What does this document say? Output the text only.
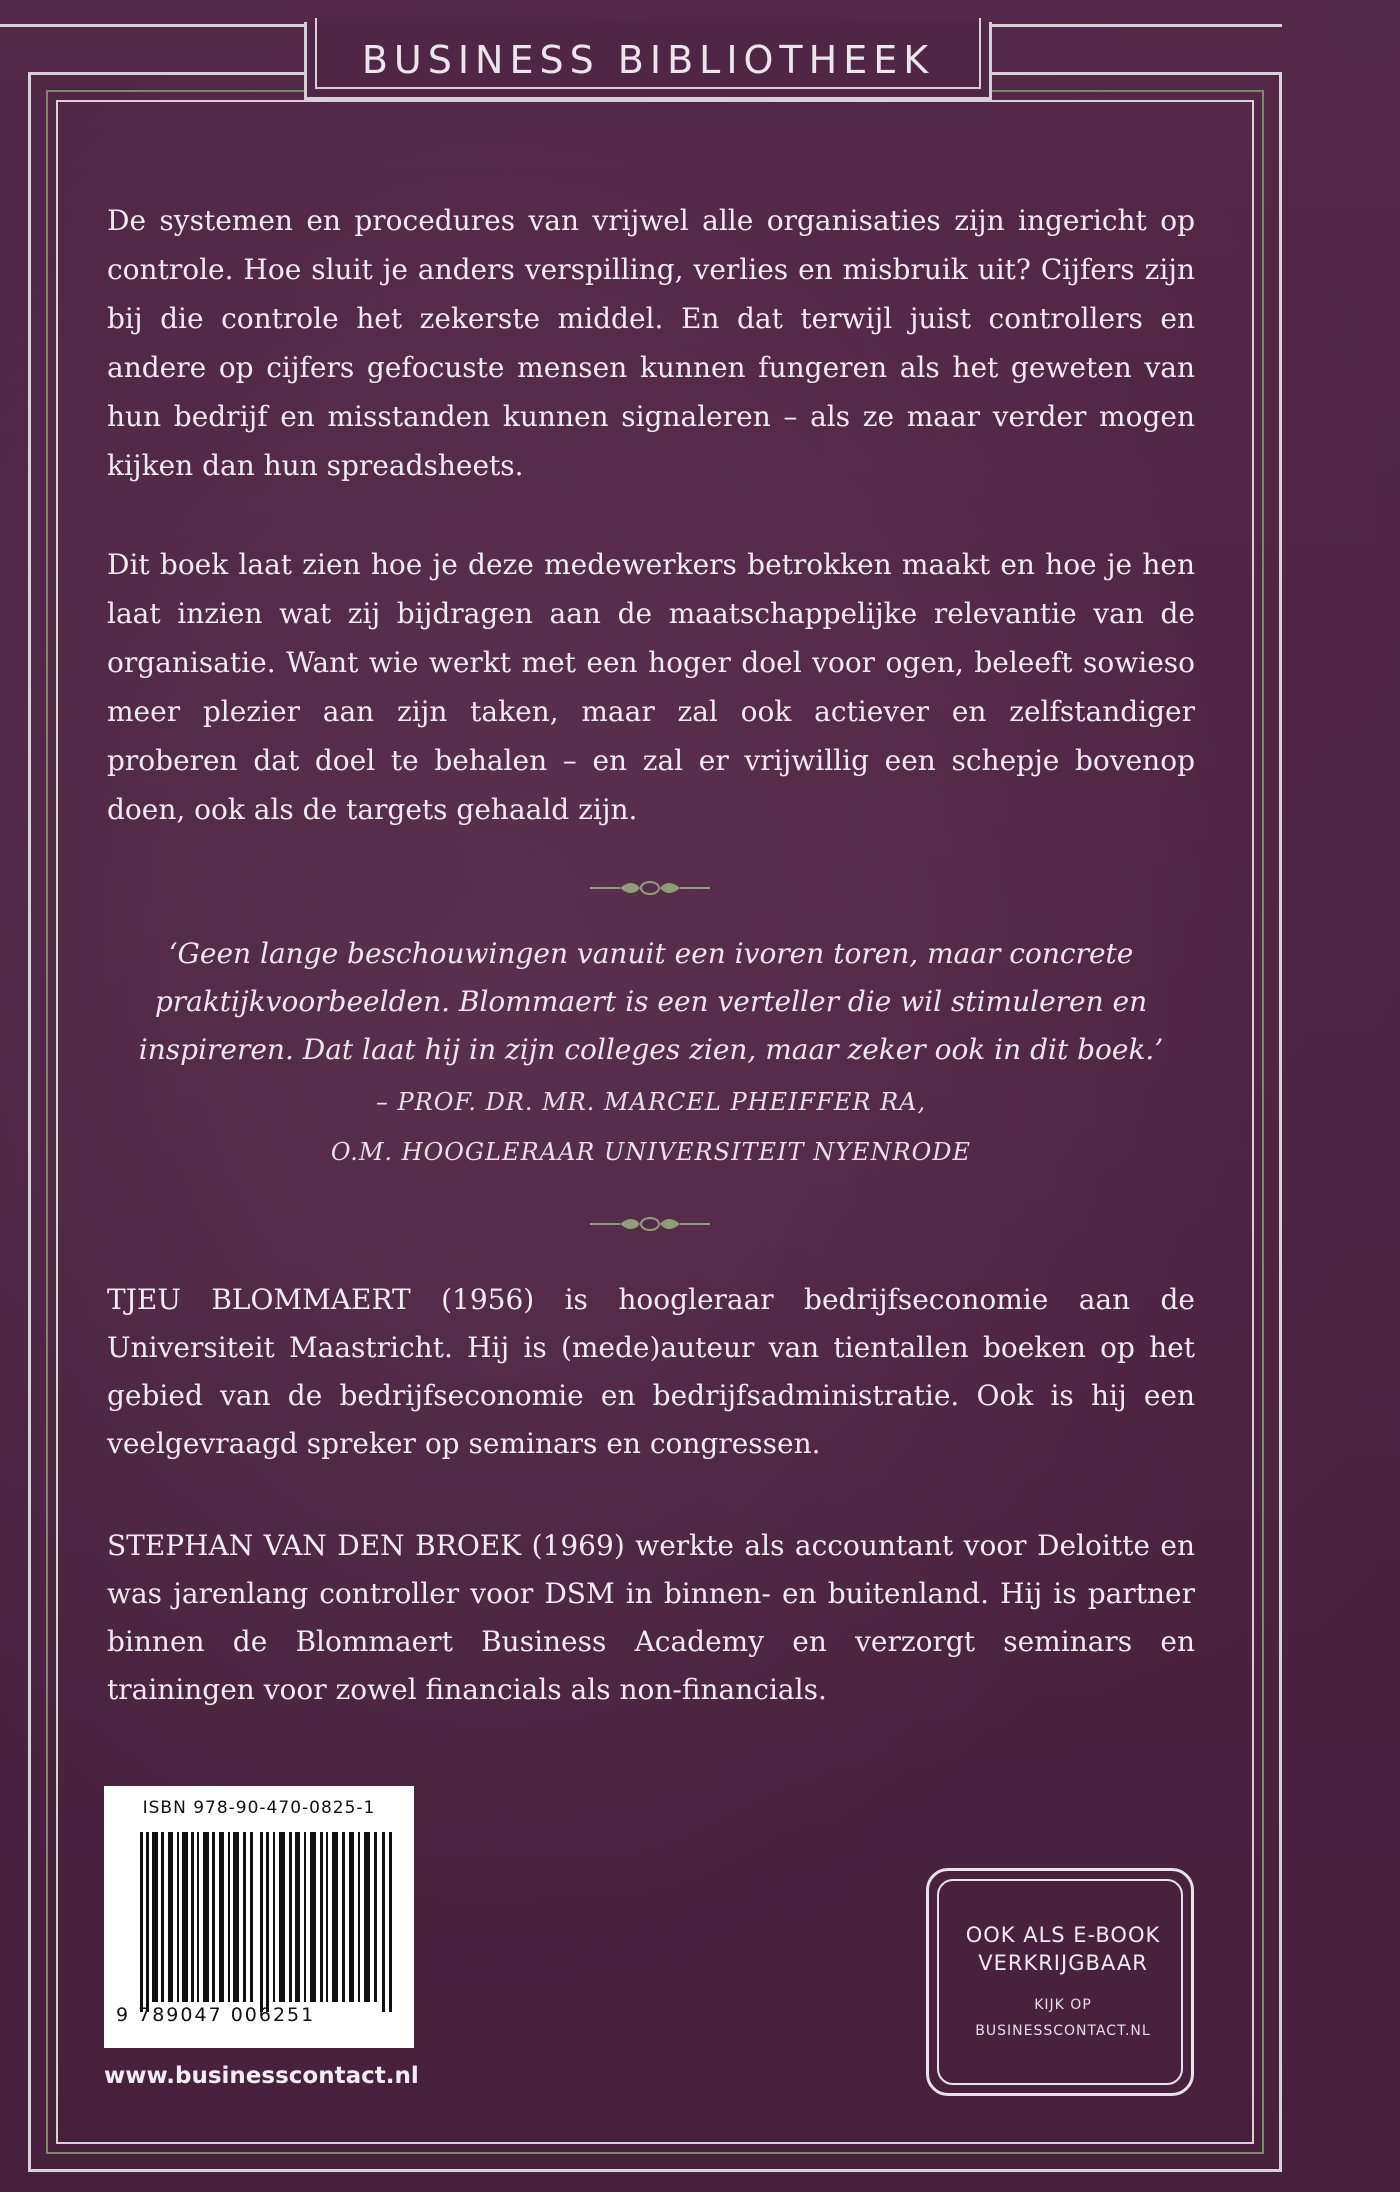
BUSINESS BIBLIOTHEEK

De systemen en procedures van vrijwel alle organisaties zijn ingericht op controle. Hoe sluit je anders verspilling, verlies en misbruik uit? Cijfers zijn bij die controle het zekerste middel. En dat terwijl juist controllers en andere op cijfers gefocuste mensen kunnen fungeren als het geweten van hun bedrijf en misstanden kunnen signaleren – als ze maar verder mogen kijken dan hun spreadsheets.

Dit boek laat zien hoe je deze medewerkers betrokken maakt en hoe je hen laat inzien wat zij bijdragen aan de maatschappelijke relevantie van de organisatie. Want wie werkt met een hoger doel voor ogen, beleeft sowieso meer plezier aan zijn taken, maar zal ook actiever en zelfstandiger proberen dat doel te behalen – en zal er vrijwillig een schepje bovenop doen, ook als de targets gehaald zijn.

‘Geen lange beschouwingen vanuit een ivoren toren, maar concrete
praktijkvoorbeelden. Blommaert is een verteller die wil stimuleren en
inspireren. Dat laat hij in zijn colleges zien, maar zeker ook in dit boek.’
– PROF. DR. MR. MARCEL PHEIFFER RA,
O.M. HOOGLERAAR UNIVERSITEIT NYENRODE

TJEU BLOMMAERT (1956) is hoogleraar bedrijfseconomie aan de Universiteit Maastricht. Hij is (mede)auteur van tientallen boeken op het gebied van de bedrijfseconomie en bedrijfsadministratie. Ook is hij een veelgevraagd spreker op seminars en congressen.

STEPHAN VAN DEN BROEK (1969) werkte als accountant voor Deloitte en was jarenlang controller voor DSM in binnen- en buitenland. Hij is partner binnen de Blommaert Business Academy en verzorgt seminars en trainingen voor zowel financials als non-financials.

ISBN 978-90-470-0825-1
9 789047 006251
www.businesscontact.nl
OOK ALS E-BOOK
VERKRIJGBAAR
KIJK OP
BUSINESSCONTACT.NL
